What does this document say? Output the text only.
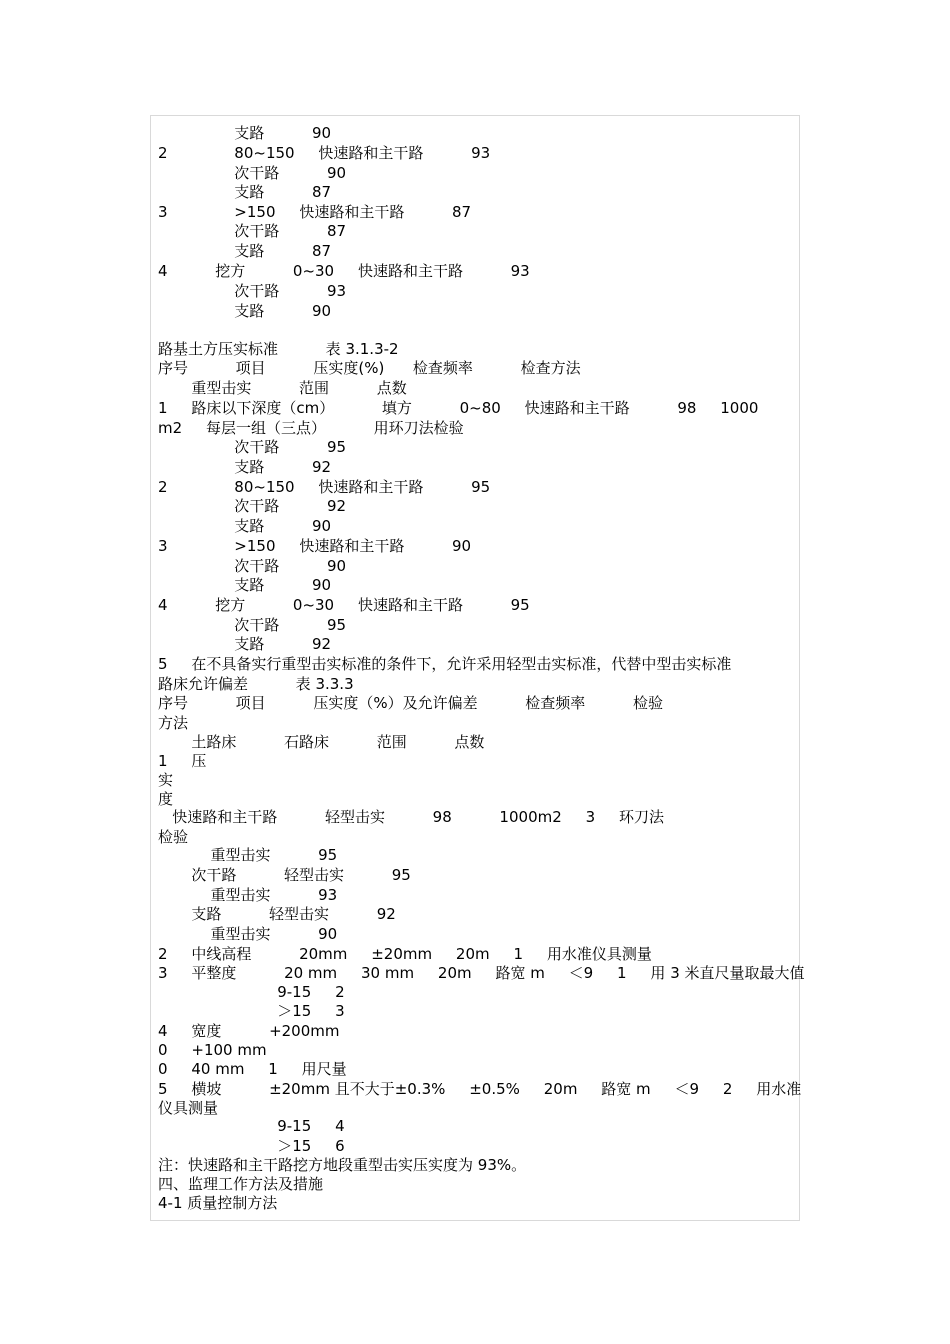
支路          90
2              80~150     快速路和主干路          93
次干路          90
支路          87
3              >150     快速路和主干路          87
次干路          87
支路          87
4          挖方          0~30     快速路和主干路          93
次干路          93
支路          90
路基土方压实标准          表 3.1.3-2
序号          项目          压实度(%)      检查频率          检查方法
重型击实          范围          点数
1     路床以下深度（cm）          填方          0~80     快速路和主干路          98     1000
m2     每层一组（三点）          用环刀法检验
次干路          95
支路          92
2              80~150     快速路和主干路          95
次干路          92
支路          90
3              >150     快速路和主干路          90
次干路          90
支路          90
4          挖方          0~30     快速路和主干路          95
次干路          95
支路          92
5     在不具备实行重型击实标准的条件下，允许采用轻型击实标准，代替中型击实标准
路床允许偏差          表 3.3.3
序号          项目          压实度（%）及允许偏差          检查频率          检验
方法
土路床          石路床          范围          点数
1     压
实
度
快速路和主干路          轻型击实          98          1000m2     3     环刀法
检验
重型击实          95
次干路          轻型击实          95
重型击实          93
支路          轻型击实          92
重型击实          90
2     中线高程          20mm     ±20mm     20m     1     用水准仪具测量
3     平整度          20 mm     30 mm     20m     路宽 m     ＜9     1     用 3 米直尺量取最大值
9-15     2
＞15     3
4     宽度          +200mm
0     +100 mm
0     40 mm     1     用尺量
5     横坡          ±20mm 且不大于±0.3%     ±0.5%     20m     路宽 m     ＜9     2     用水准
仪具测量
9-15     4
＞15     6
注：快速路和主干路挖方地段重型击实压实度为 93%。
四、监理工作方法及措施
4-1 质量控制方法
